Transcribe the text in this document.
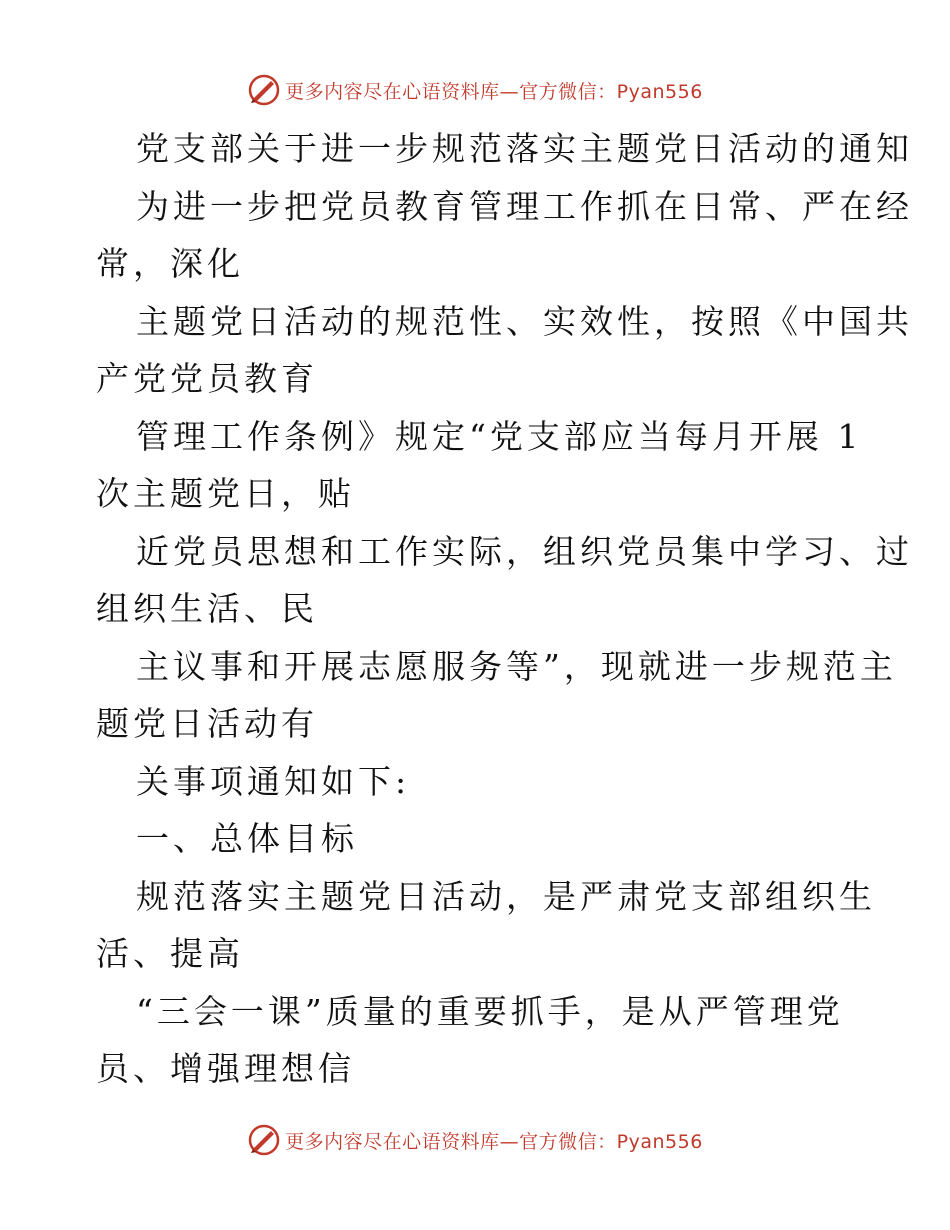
更多内容尽在心语资料库—官方微信：Pyan556
党支部关于进一步规范落实主题党日活动的通知
为进一步把党员教育管理工作抓在日常、严在经
常，深化
主题党日活动的规范性、实效性，按照《中国共
产党党员教育
管理工作条例》规定“党支部应当每月开展 1
次主题党日，贴
近党员思想和工作实际，组织党员集中学习、过
组织生活、民
主议事和开展志愿服务等”，现就进一步规范主
题党日活动有
关事项通知如下:
一、总体目标
规范落实主题党日活动，是严肃党支部组织生
活、提高
“三会一课”质量的重要抓手，是从严管理党
员、增强理想信
更多内容尽在心语资料库—官方微信：Pyan556
